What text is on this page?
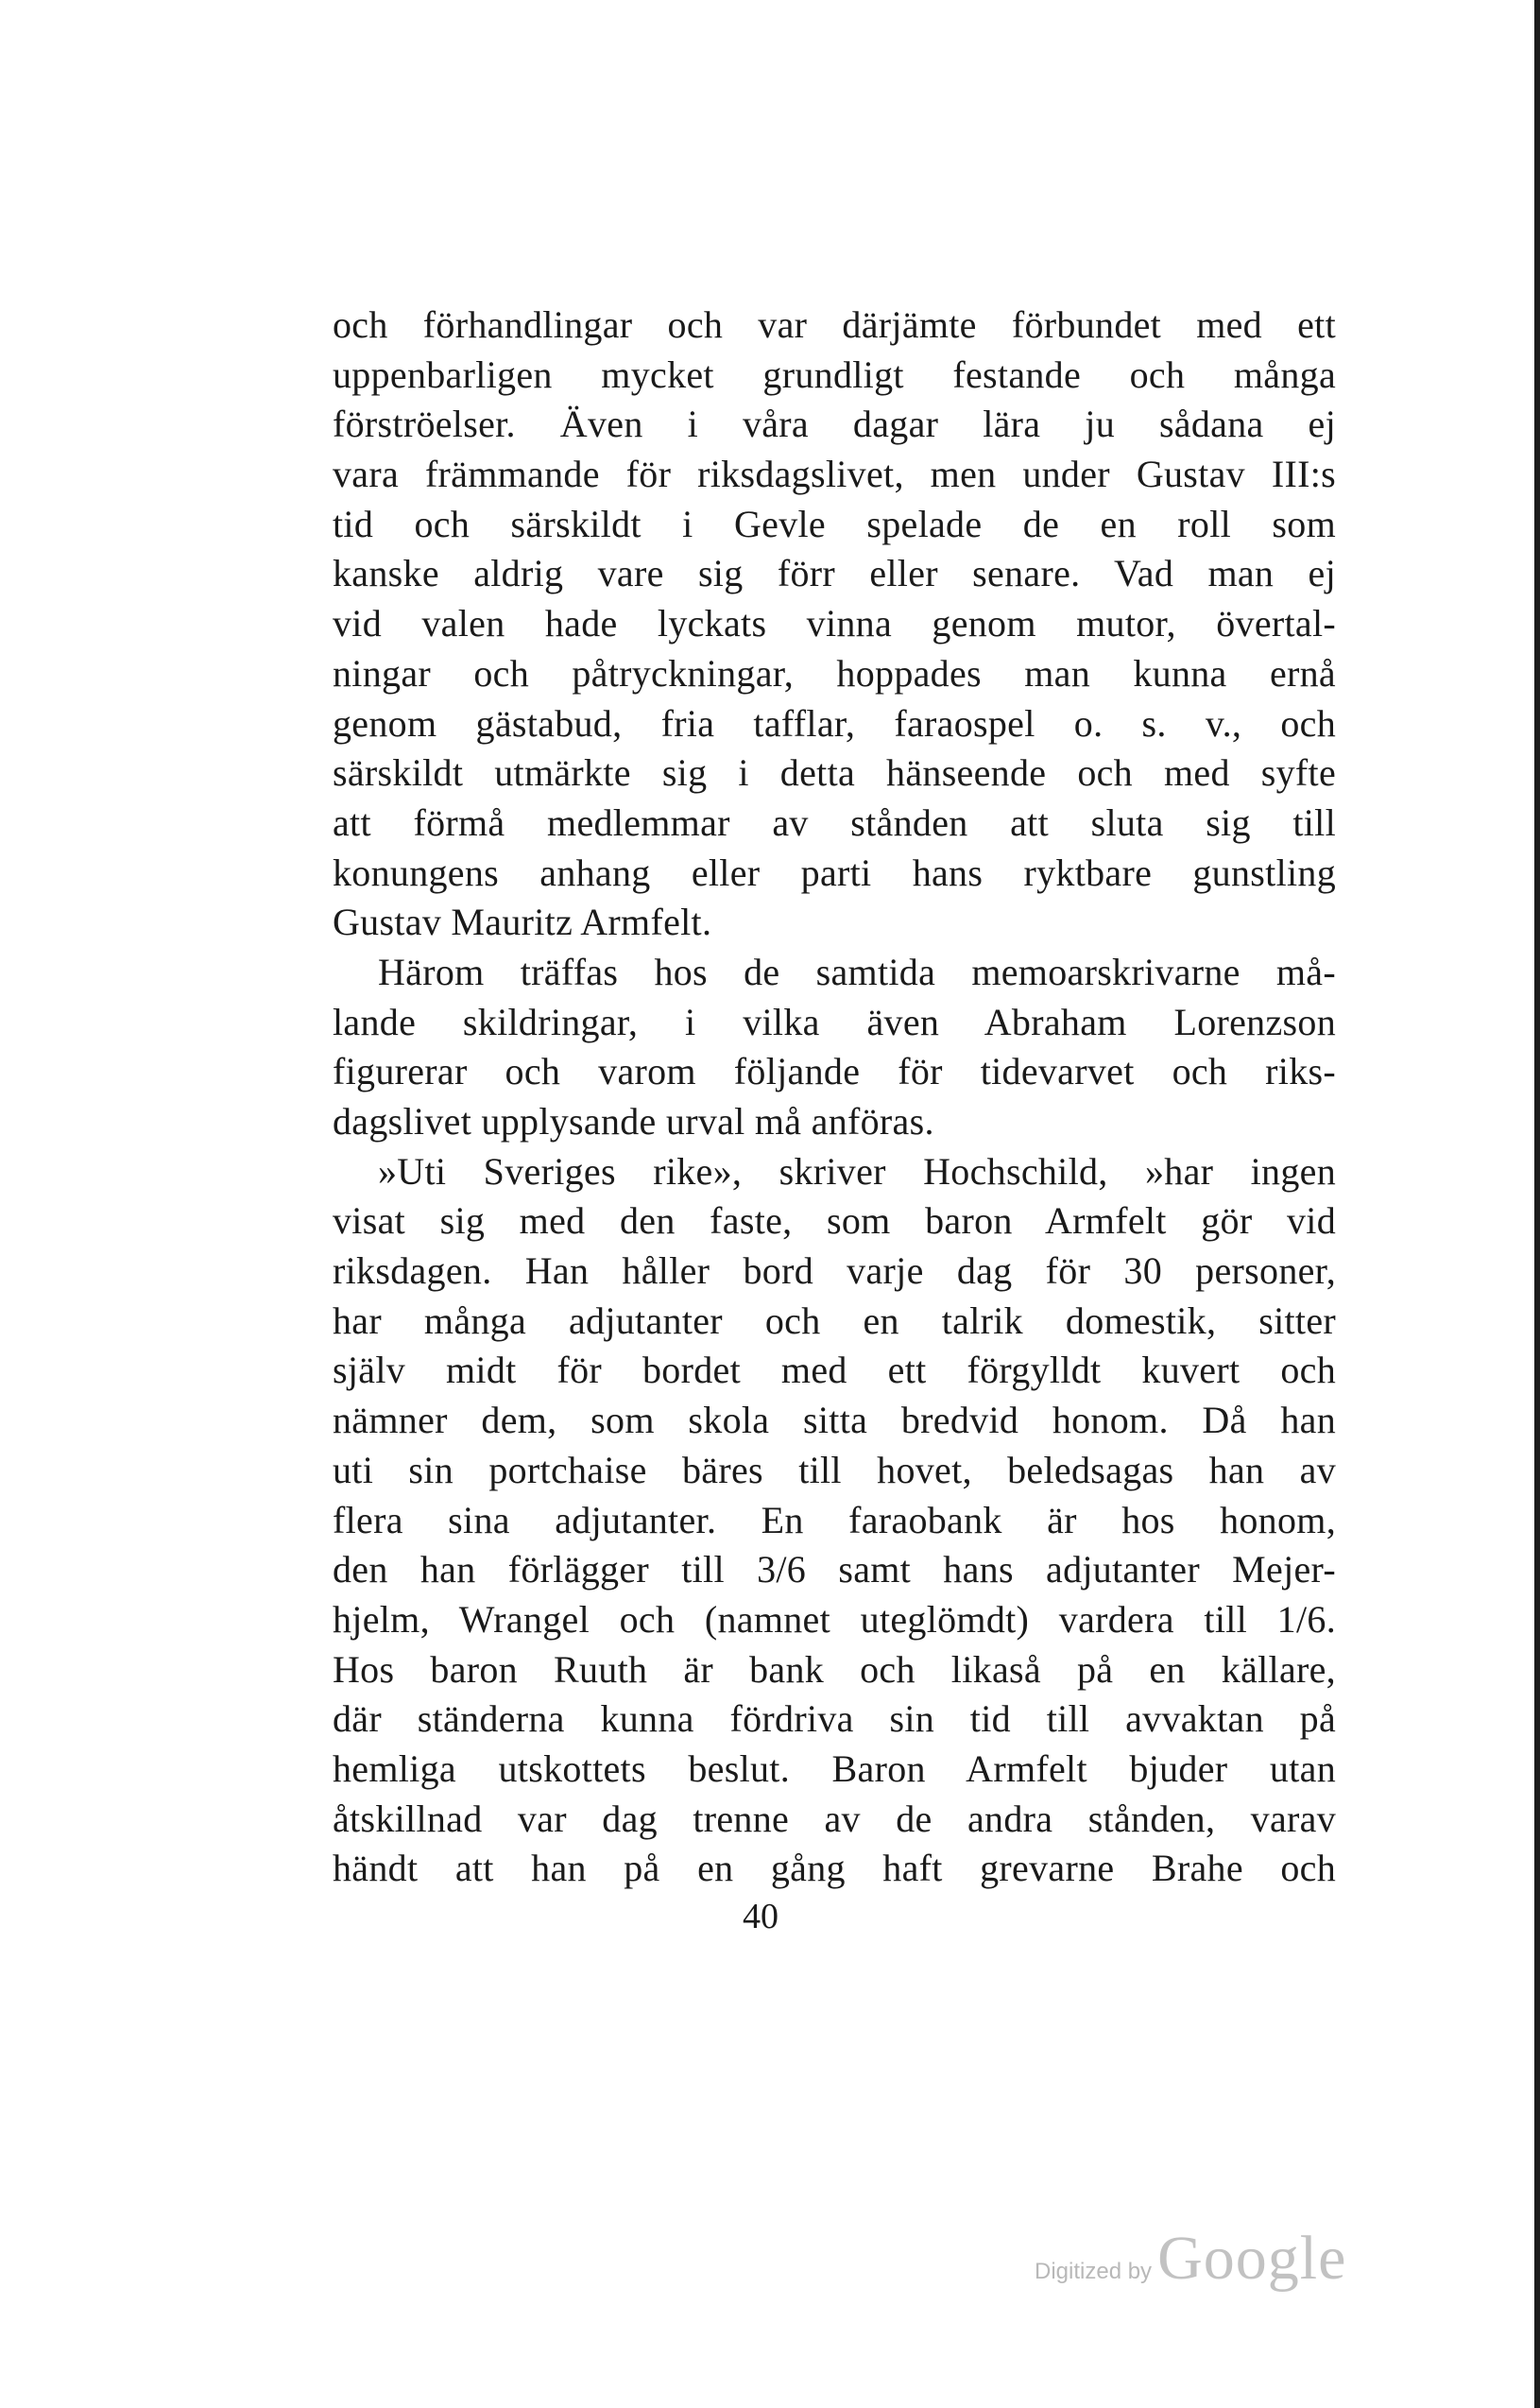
och förhandlingar och var därjämte förbundet med ett
uppenbarligen mycket grundligt festande och många
förströelser. Även i våra dagar lära ju sådana ej
vara främmande för riksdagslivet, men under Gustav III:s
tid och särskildt i Gevle spelade de en roll som
kanske aldrig vare sig förr eller senare. Vad man ej
vid valen hade lyckats vinna genom mutor, övertal-
ningar och påtryckningar, hoppades man kunna ernå
genom gästabud, fria tafflar, faraospel o. s. v., och
särskildt utmärkte sig i detta hänseende och med syfte
att förmå medlemmar av stånden att sluta sig till
konungens anhang eller parti hans ryktbare gunstling
Gustav Mauritz Armfelt.
Härom träffas hos de samtida memoarskrivarne må-
lande skildringar, i vilka även Abraham Lorenzson
figurerar och varom följande för tidevarvet och riks-
dagslivet upplysande urval må anföras.
»Uti Sveriges rike», skriver Hochschild, »har ingen
visat sig med den faste, som baron Armfelt gör vid
riksdagen. Han håller bord varje dag för 30 personer,
har många adjutanter och en talrik domestik, sitter
själv midt för bordet med ett förgylldt kuvert och
nämner dem, som skola sitta bredvid honom. Då han
uti sin portchaise bäres till hovet, beledsagas han av
flera sina adjutanter. En faraobank är hos honom,
den han förlägger till 3/6 samt hans adjutanter Mejer-
hjelm, Wrangel och (namnet uteglömdt) vardera till 1/6.
Hos baron Ruuth är bank och likaså på en källare,
där ständerna kunna fördriva sin tid till avvaktan på
hemliga utskottets beslut. Baron Armfelt bjuder utan
åtskillnad var dag trenne av de andra stånden, varav
händt att han på en gång haft grevarne Brahe och
40
Digitized by Google
